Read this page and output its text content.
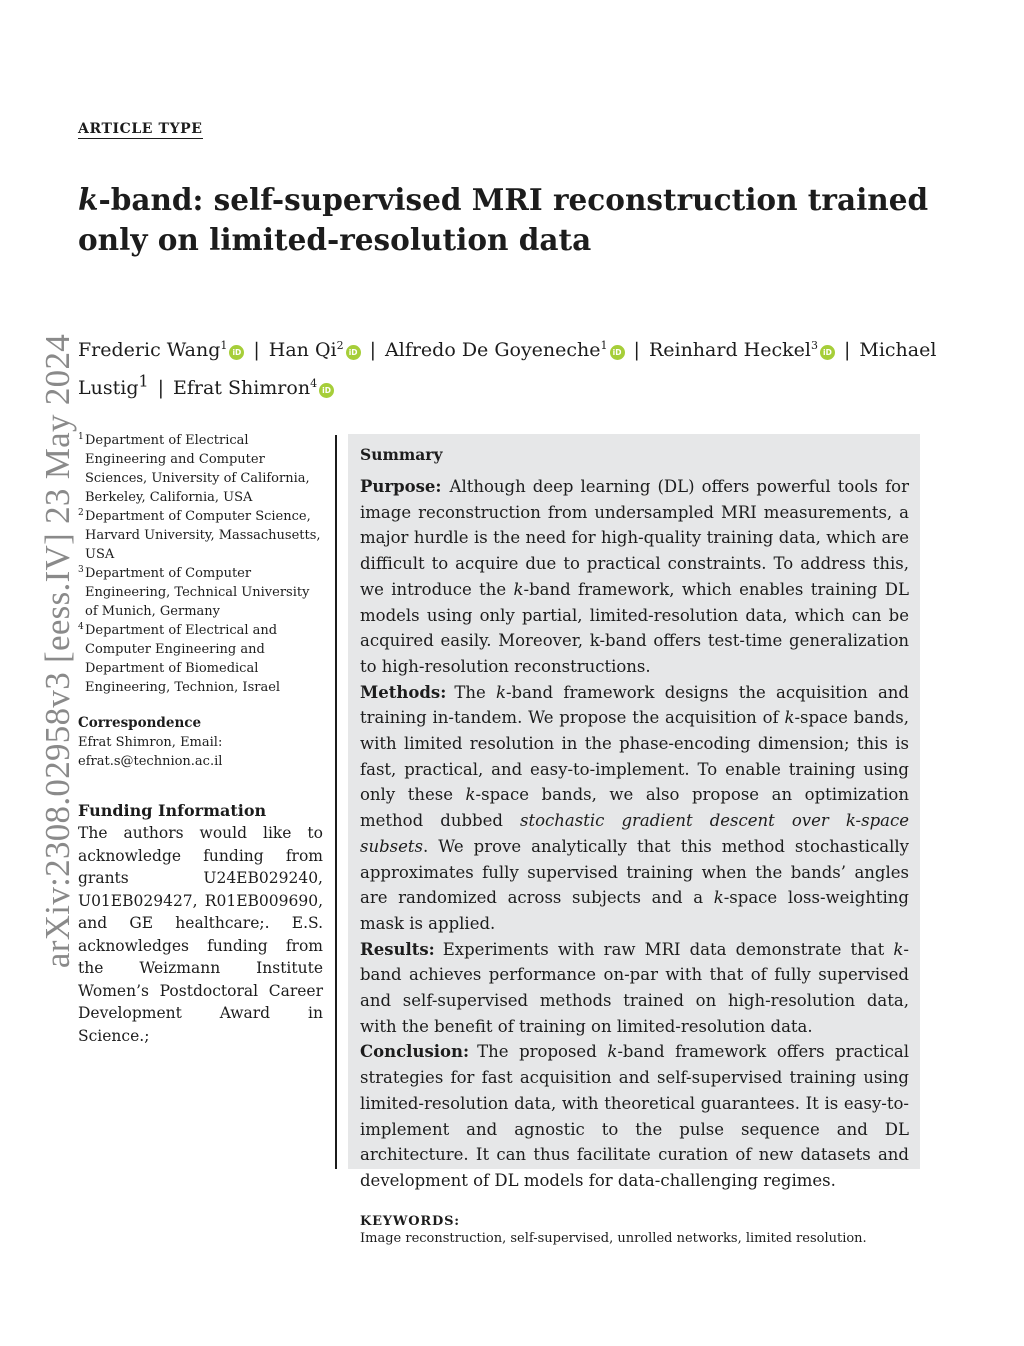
ARTICLE TYPE
k-band: self-supervised MRI reconstruction trained only on limited-resolution data
Frederic Wang$^1$iD | Han Qi$^2$iD | Alfredo De Goyeneche$^1$iD | Reinhard Heckel$^3$iD | Michael Lustig$^1$ | Efrat Shimron$^4$iD
arXiv:2308.02958v3 [eess.IV] 23 May 2024 1 Department of Electrical Engineering and Computer Sciences, University of California, Berkeley, California, USA
2 Department of Computer Science, Harvard University, Massachusetts, USA
3 Department of Computer Engineering, Technical University of Munich, Germany
4 Department of Electrical and Computer Engineering and Department of Biomedical Engineering, Technion, Israel
Correspondence
Efrat Shimron, Email:
efrat.s@technion.ac.il
Funding Information
The authors would like to acknowledge funding from grants U24EB029240, U01EB029427, R01EB009690, and GE healthcare;. E.S. acknowledges funding from the Weizmann Institute Women’s Postdoctoral Career Development Award in Science.;
Summary

Purpose: Although deep learning (DL) offers powerful tools for image reconstruction from undersampled MRI measurements, a major hurdle is the need for high-quality training data, which are difficult to acquire due to practical constraints. To address this, we introduce the k-band framework, which enables training DL models using only partial, limited-resolution data, which can be acquired easily. Moreover, k-band offers test-time generalization to high-resolution reconstructions.

Methods: The k-band framework designs the acquisition and training in-tandem. We propose the acquisition of k-space bands, with limited resolution in the phase-encoding dimension; this is fast, practical, and easy-to-implement. To enable training using only these k-space bands, we also propose an optimization method dubbed stochastic gradient descent over k-space subsets. We prove analytically that this method stochastically approximates fully supervised training when the bands’ angles are randomized across subjects and a k-space loss-weighting mask is applied.

Results: Experiments with raw MRI data demonstrate that k-band achieves performance on-par with that of fully supervised and self-supervised methods trained on high-resolution data, with the benefit of training on limited-resolution data.

Conclusion: The proposed k-band framework offers practical strategies for fast acquisition and self-supervised training using limited-resolution data, with theoretical guarantees. It is easy-to-implement and agnostic to the pulse sequence and DL architecture. It can thus facilitate curation of new datasets and development of DL models for data-challenging regimes.

KEYWORDS:
Image reconstruction, self-supervised, unrolled networks, limited resolution.
